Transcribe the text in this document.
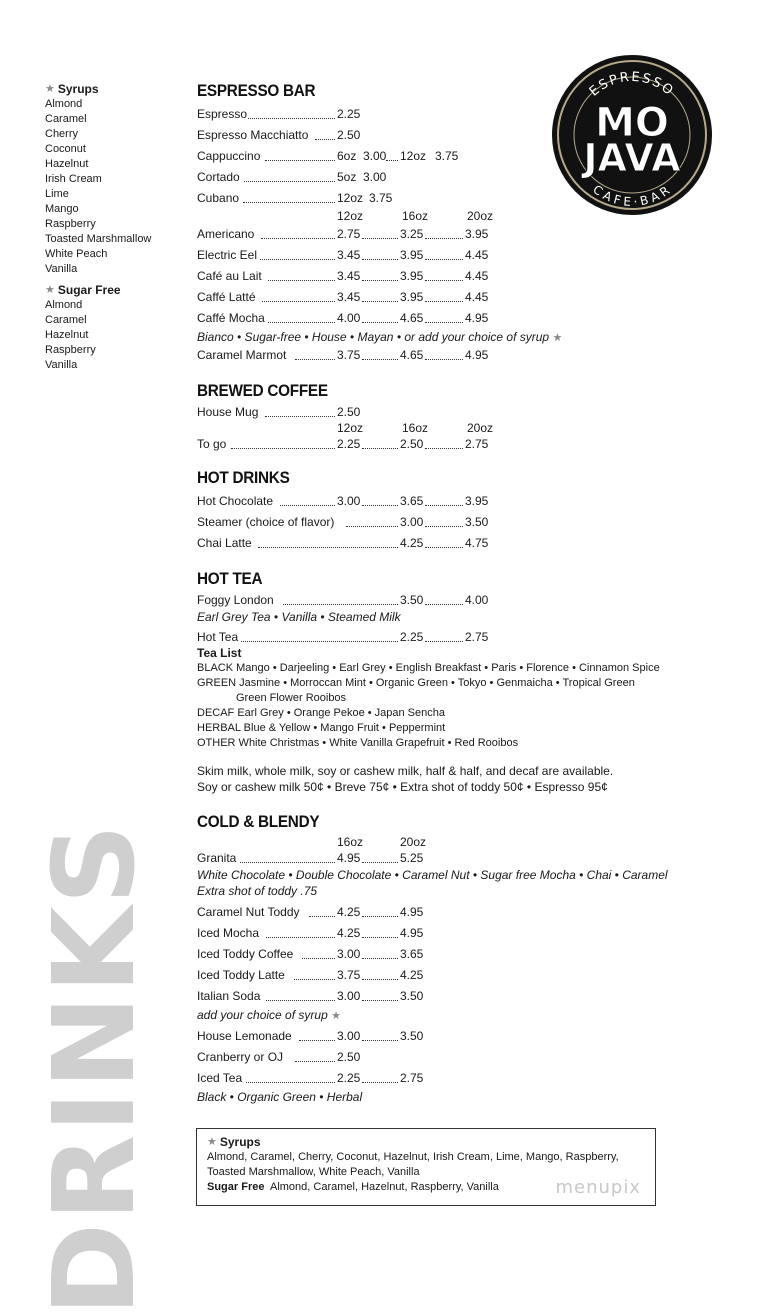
★ Syrups
Almond
Caramel
Cherry
Coconut
Hazelnut
Irish Cream
Lime
Mango
Raspberry
Toasted Marshmallow
White Peach
Vanilla
★ Sugar Free
Almond
Caramel
Hazelnut
Raspberry
Vanilla
DRINKS
ESPRESSO
CAFE·BAR
MO
JAVA
ESPRESSO BAR
Espresso	2.25
Espresso Macchiatto 2.50
Cappuccino	6oz 3.00 12oz 3.75
Cortado	5oz 3.00
Cubano	12oz 3.75
12oz	16oz	20oz
Americano	2.75	3.25	3.95
Electric Eel	3.45	3.95	4.45
Café au Lait	3.45	3.95	4.45
Caffé Latté	3.45	3.95	4.45
Caffé Mocha	4.00	4.65	4.95
Bianco • Sugar-free • House • Mayan • or add your choice of syrup ★
Caramel Marmot	3.75	4.65	4.95
BREWED COFFEE
House Mug	2.50
12oz	16oz	20oz
To go	2.25	2.50	2.75
HOT DRINKS
Hot Chocolate	3.00	3.65	3.95
Steamer (choice of flavor)	3.00	3.50
Chai Latte	4.25	4.75
HOT TEA
Foggy London	3.50	4.00
Earl Grey Tea • Vanilla • Steamed Milk
Hot Tea	2.25	2.75
Tea List
BLACK Mango • Darjeeling • Earl Grey • English Breakfast • Paris • Florence • Cinnamon Spice
GREEN Jasmine • Morroccan Mint • Organic Green • Tokyo • Genmaicha • Tropical Green
Green Flower Rooibos
DECAF Earl Grey • Orange Pekoe • Japan Sencha
HERBAL Blue & Yellow • Mango Fruit • Peppermint
OTHER White Christmas • White Vanilla Grapefruit • Red Rooibos
Skim milk, whole milk, soy or cashew milk, half & half, and decaf are available.
Soy or cashew milk 50¢ • Breve 75¢ • Extra shot of toddy 50¢ • Espresso 95¢
COLD & BLENDY
16oz	20oz
Granita	4.95	5.25
White Chocolate • Double Chocolate • Caramel Nut • Sugar free Mocha • Chai • Caramel
Extra shot of toddy .75
Caramel Nut Toddy	4.25	4.95
Iced Mocha	4.25	4.95
Iced Toddy Coffee	3.00	3.65
Iced Toddy Latte	3.75	4.25
Italian Soda	3.00	3.50
add your choice of syrup ★
House Lemonade	3.00	3.50
Cranberry or OJ	2.50
Iced Tea	2.25	2.75
Black • Organic Green • Herbal
★ Syrups
Almond, Caramel, Cherry, Coconut, Hazelnut, Irish Cream, Lime, Mango, Raspberry,
Toasted Marshmallow, White Peach, Vanilla
Sugar Free Almond, Caramel, Hazelnut, Raspberry, Vanilla	menupix
